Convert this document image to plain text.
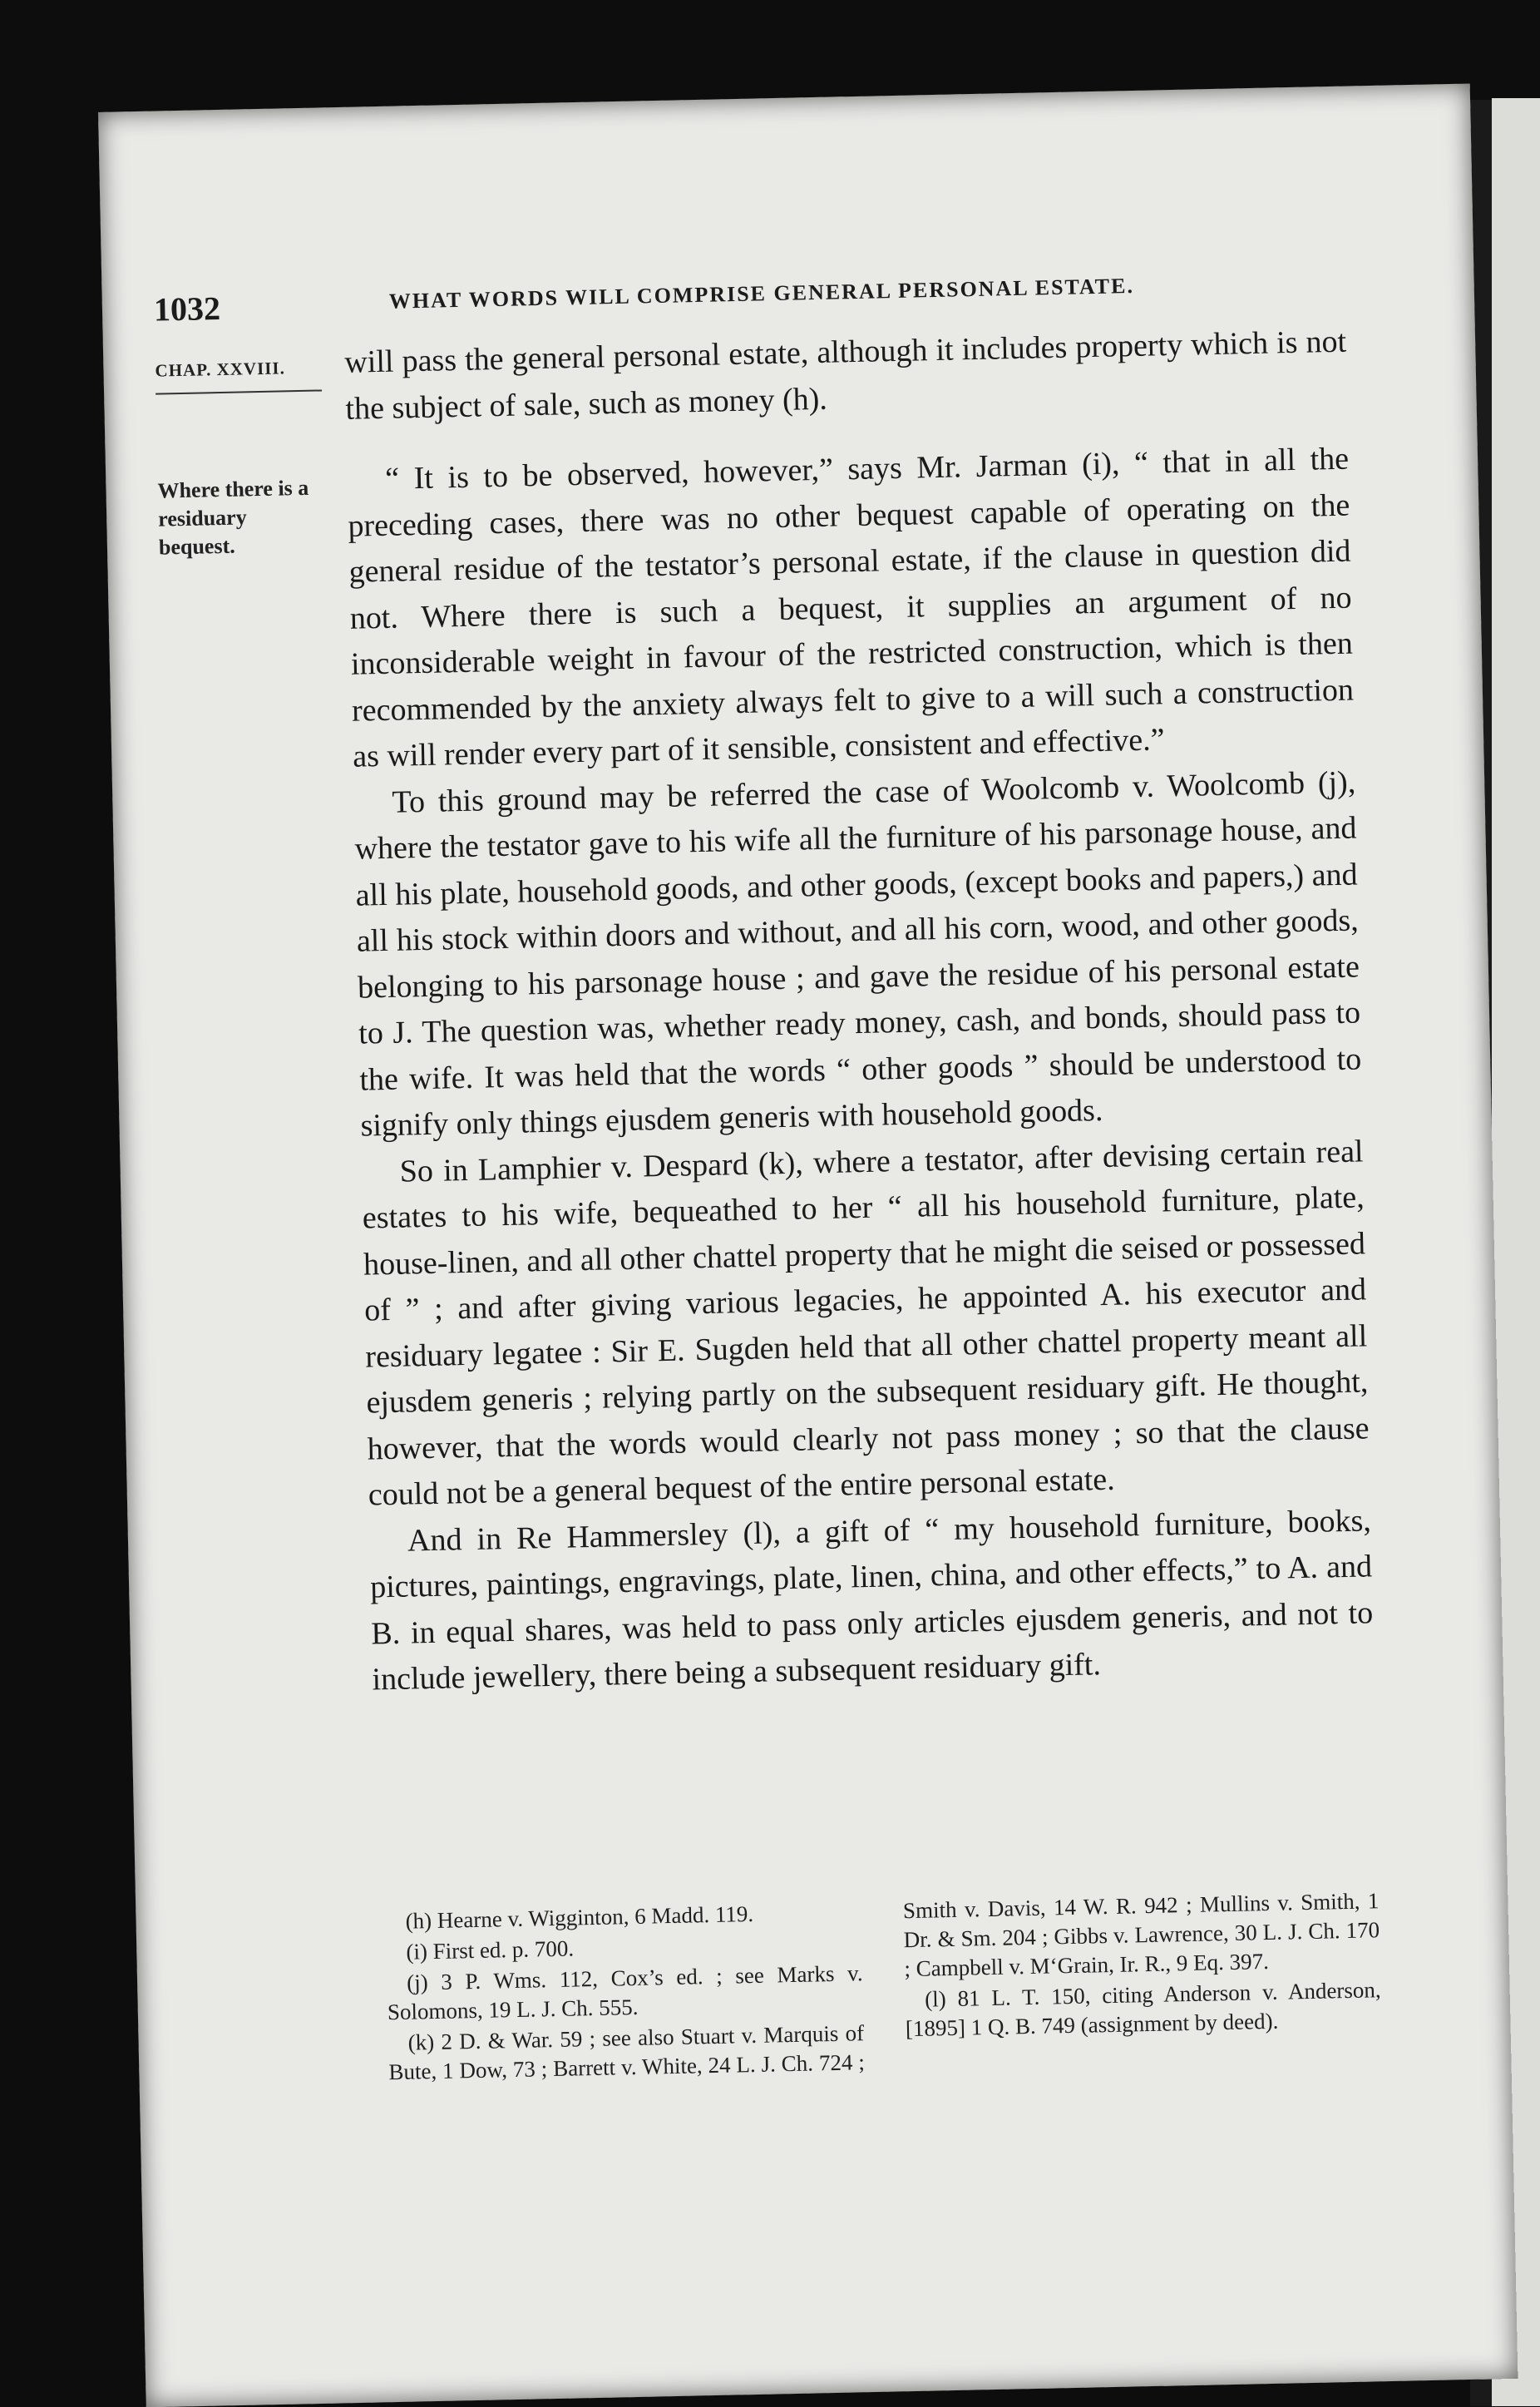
1032	WHAT WORDS WILL COMPRISE GENERAL PERSONAL ESTATE.
CHAP. XXVIII.
Where there is a residuary bequest.

will pass the general personal estate, although it includes property which is not the subject of sale, such as money (h).

“ It is to be observed, however,” says Mr. Jarman (i), “ that in all the preceding cases, there was no other bequest capable of operating on the general residue of the testator’s personal estate, if the clause in question did not. Where there is such a bequest, it supplies an argument of no inconsiderable weight in favour of the restricted construction, which is then recommended by the anxiety always felt to give to a will such a construction as will render every part of it sensible, consistent and effective.”

To this ground may be referred the case of Woolcomb v. Woolcomb (j), where the testator gave to his wife all the furniture of his parsonage house, and all his plate, household goods, and other goods, (except books and papers,) and all his stock within doors and without, and all his corn, wood, and other goods, belonging to his parsonage house ; and gave the residue of his personal estate to J. The question was, whether ready money, cash, and bonds, should pass to the wife. It was held that the words “ other goods ” should be understood to signify only things ejusdem generis with household goods.

So in Lamphier v. Despard (k), where a testator, after devising certain real estates to his wife, bequeathed to her “ all his household furniture, plate, house-linen, and all other chattel property that he might die seised or possessed of ” ; and after giving various legacies, he appointed A. his executor and residuary legatee : Sir E. Sugden held that all other chattel property meant all ejusdem generis ; relying partly on the subsequent residuary gift. He thought, however, that the words would clearly not pass money ; so that the clause could not be a general bequest of the entire personal estate.

And in Re Hammersley (l), a gift of “ my household furniture, books, pictures, paintings, engravings, plate, linen, china, and other effects,” to A. and B. in equal shares, was held to pass only articles ejusdem generis, and not to include jewellery, there being a subsequent residuary gift.

(h) Hearne v. Wigginton, 6 Madd. 119.

(i) First ed. p. 700.

(j) 3 P. Wms. 112, Cox’s ed. ; see Marks v. Solomons, 19 L. J. Ch. 555.

(k) 2 D. & War. 59 ; see also Stuart v. Marquis of Bute, 1 Dow, 73 ; Barrett v. White, 24 L. J. Ch. 724 ; Smith v. Davis, 14 W. R. 942 ; Mullins v. Smith, 1 Dr. & Sm. 204 ; Gibbs v. Lawrence, 30 L. J. Ch. 170 ; Campbell v. M‘Grain, Ir. R., 9 Eq. 397.

(l) 81 L. T. 150, citing Anderson v. Anderson, [1895] 1 Q. B. 749 (assignment by deed).
